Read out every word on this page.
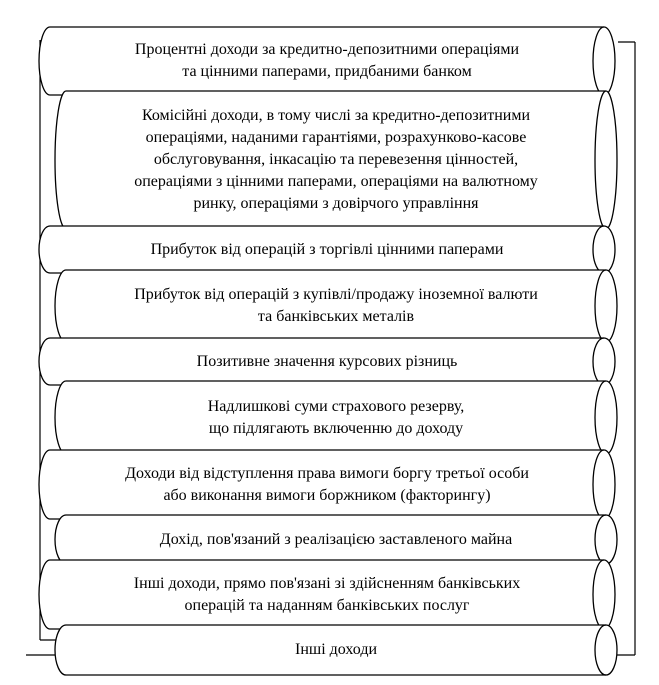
Процентні доходи за кредитно-депозитними операціями
та цінними паперами, придбаними банком
Комісійні доходи, в тому числі за кредитно-депозитними
операціями, наданими гарантіями, розрахунково-касове
обслуговування, інкасацію та перевезення цінностей,
операціями з цінними паперами, операціями на валютному
ринку, операціями з довірчого управління
Прибуток від операцій з торгівлі цінними паперами
Прибуток від операцій з купівлі/продажу іноземної валюти
та банківських металів
Позитивне значення курсових різниць
Надлишкові суми страхового резерву,
що підлягають включенню до доходу
Доходи від відступлення права вимоги боргу третьої особи
або виконання вимоги боржником (факторингу)
Дохід, пов'язаний з реалізацією заставленого майна
Інші доходи, прямо пов'язані зі здійсненням банківських
операцій та наданням банківських послуг
Інші доходи
